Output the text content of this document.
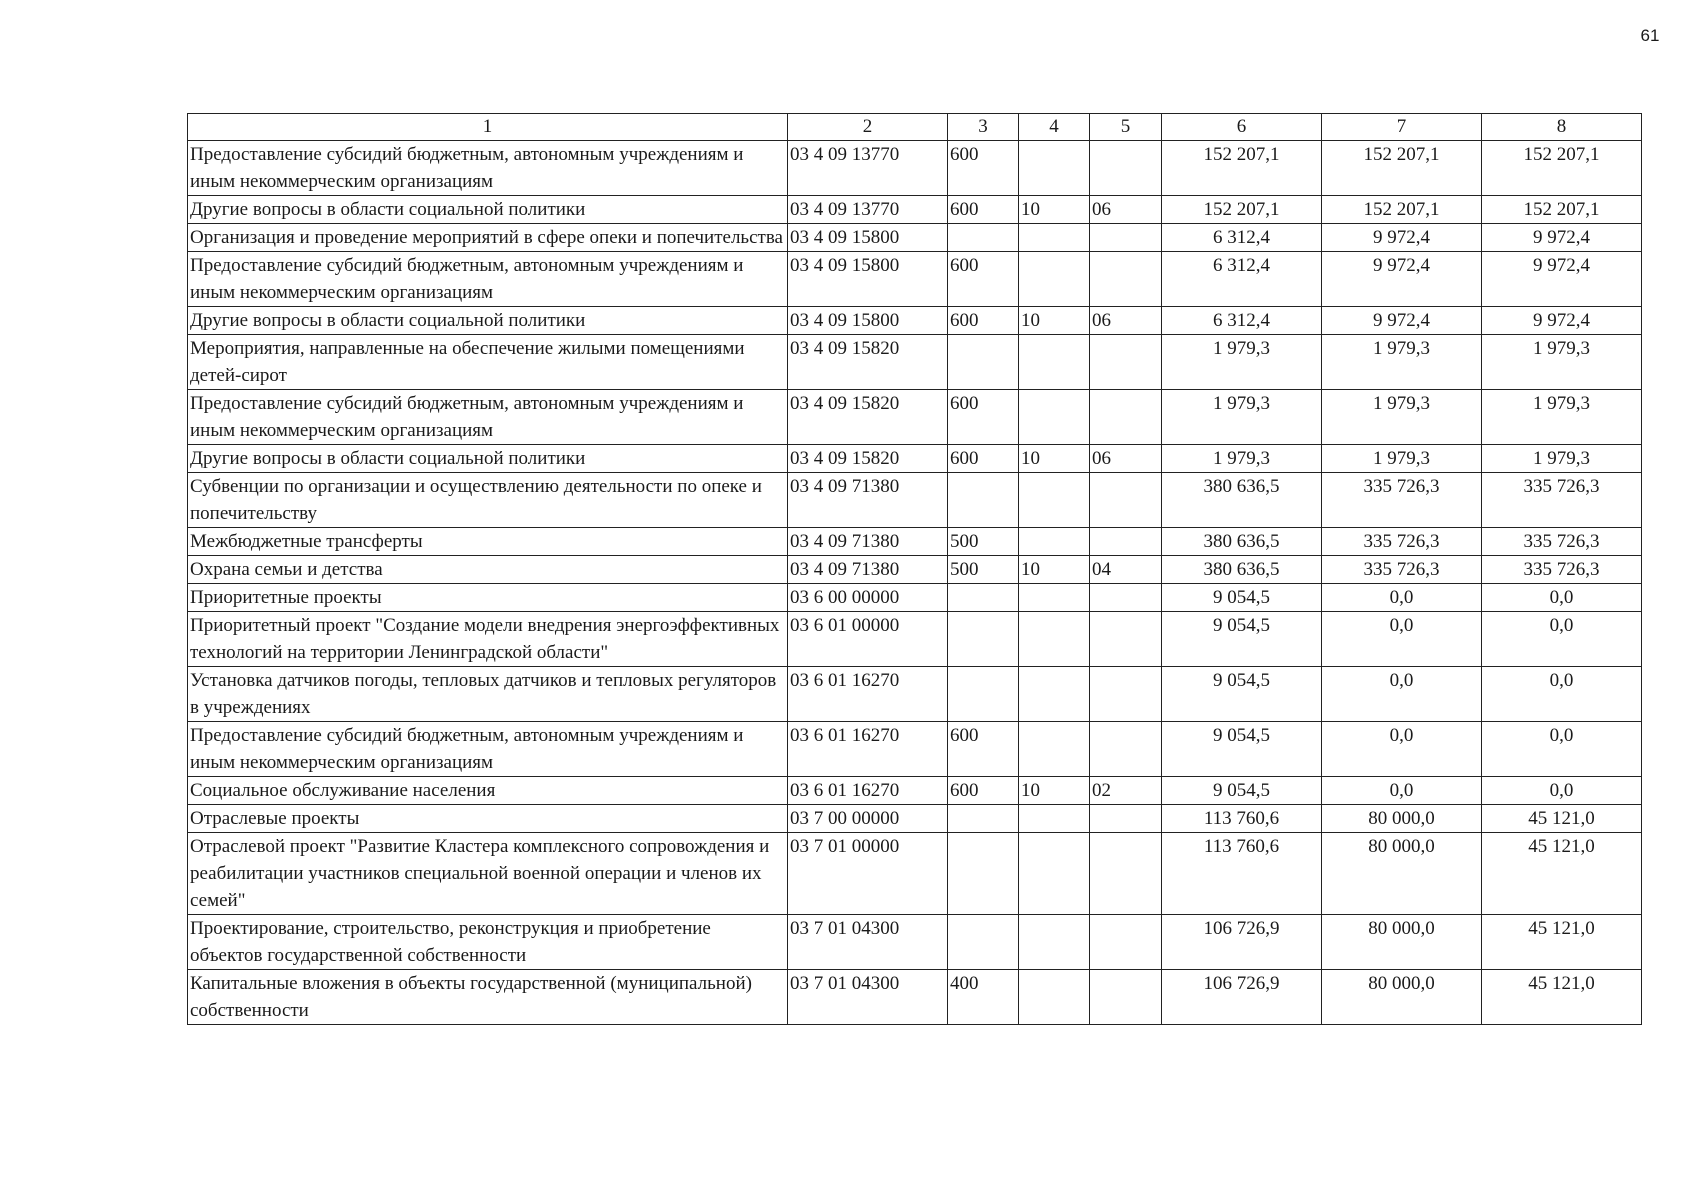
61
1	2	3	4	5	6	7	8
Предоставление субсидий бюджетным, автономным учреждениям и иным некоммерческим организациям	03 4 09 13770	600			152 207,1	152 207,1	152 207,1
Другие вопросы в области социальной политики	03 4 09 13770	600	10	06	152 207,1	152 207,1	152 207,1
Организация и проведение мероприятий в сфере опеки и попечительства	03 4 09 15800				6 312,4	9 972,4	9 972,4
Предоставление субсидий бюджетным, автономным учреждениям и иным некоммерческим организациям	03 4 09 15800	600			6 312,4	9 972,4	9 972,4
Другие вопросы в области социальной политики	03 4 09 15800	600	10	06	6 312,4	9 972,4	9 972,4
Мероприятия, направленные на обеспечение жилыми помещениями детей-сирот	03 4 09 15820				1 979,3	1 979,3	1 979,3
Предоставление субсидий бюджетным, автономным учреждениям и иным некоммерческим организациям	03 4 09 15820	600			1 979,3	1 979,3	1 979,3
Другие вопросы в области социальной политики	03 4 09 15820	600	10	06	1 979,3	1 979,3	1 979,3
Субвенции по организации и осуществлению деятельности по опеке и попечительству	03 4 09 71380				380 636,5	335 726,3	335 726,3
Межбюджетные трансферты	03 4 09 71380	500			380 636,5	335 726,3	335 726,3
Охрана семьи и детства	03 4 09 71380	500	10	04	380 636,5	335 726,3	335 726,3
Приоритетные проекты	03 6 00 00000				9 054,5	0,0	0,0
Приоритетный проект "Создание модели внедрения энергоэффективных технологий на территории Ленинградской области"	03 6 01 00000				9 054,5	0,0	0,0
Установка датчиков погоды, тепловых датчиков и тепловых регуляторов в учреждениях	03 6 01 16270				9 054,5	0,0	0,0
Предоставление субсидий бюджетным, автономным учреждениям и иным некоммерческим организациям	03 6 01 16270	600			9 054,5	0,0	0,0
Социальное обслуживание населения	03 6 01 16270	600	10	02	9 054,5	0,0	0,0
Отраслевые проекты	03 7 00 00000				113 760,6	80 000,0	45 121,0
Отраслевой проект "Развитие Кластера комплексного сопровождения и реабилитации участников специальной военной операции и членов их семей"	03 7 01 00000				113 760,6	80 000,0	45 121,0
Проектирование, строительство, реконструкция и приобретение объектов государственной собственности	03 7 01 04300				106 726,9	80 000,0	45 121,0
Капитальные вложения в объекты государственной (муниципальной) собственности	03 7 01 04300	400			106 726,9	80 000,0	45 121,0
